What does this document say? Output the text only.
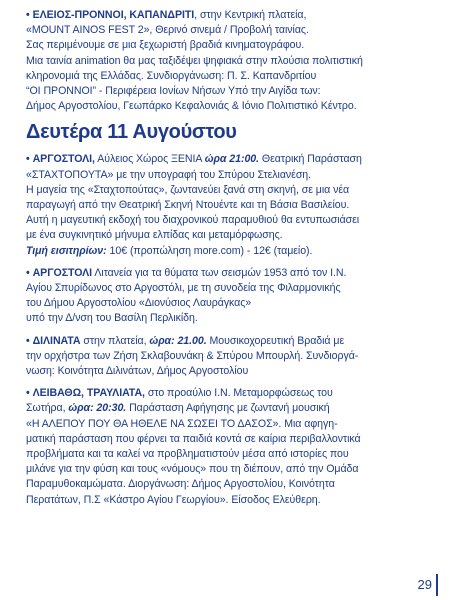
• ΕΛΕΙΟΣ-ΠΡΟΝΝΟΙ, ΚΑΠΑΝΔΡΙΤΙ, στην Κεντρική πλατεία,

«MOUNT AINOS FEST 2», Θερινό σινεμά / Προβολή ταινίας.

Σας περιμένουμε σε μια ξεχωριστή βραδιά κινηματογράφου.

Μια ταινία animation θα μας ταξιδέψει ψηφιακά στην πλούσια πολιτιστική

κληρονομιά της Ελλάδας. Συνδιοργάνωση: Π. Σ. Καπανδριτίου

“ΟΙ ΠΡΟΝΝΟΙ” - Περιφέρεια Ιονίων Νήσων Υπό την Αιγίδα των:

Δήμος Αργοστολίου, Γεωπάρκο Κεφαλονιάς & Ιόνιο Πολιτιστικό Κέντρο.

Δευτέρα 11 Αυγούστου

• ΑΡΓΟΣΤΟΛΙ, Αύλειος Χώρος ΞΕΝΙΑ ώρα 21:00. Θεατρική Παράσταση

«ΣΤΑΧΤΟΠΟΥΤΑ» με την υπογραφή του Σπύρου Στελιανέση.

Η μαγεία της «Σταχτοπούτας», ζωντανεύει ξανά στη σκηνή, σε μια νέα

παραγωγή από την Θεατρική Σκηνή Ντουέντε και τη Βάσια Βασιλείου.

Αυτή η μαγευτική εκδοχή του διαχρονικού παραμυθιού θα εντυπωσιάσει

με ένα συγκινητικό μήνυμα ελπίδας και μεταμόρφωσης.

Τιμή εισιτηρίων: 10€ (προπώληση more.com) - 12€ (ταμείο).

• ΑΡΓΟΣΤΟΛΙ Λιτανεία για τα θύματα των σεισμών 1953 από τον Ι.Ν.

Αγίου Σπυρίδωνος στο Αργοστόλι, με τη συνοδεία της Φιλαρμονικής

του Δήμου Αργοστολίου «Διονύσιος Λαυράγκας»

υπό την Δ/νση του Βασίλη Περλικίδη.

• ΔΙΛΙΝΑΤΑ στην πλατεία, ώρα: 21.00. Μουσικοχορευτική Βραδιά με

την ορχήστρα των Ζήση Σκλαβουνάκη & Σπύρου Μπουρλή. Συνδιοργά-

νωση: Κοινότητα Διλινάτων, Δήμος Αργοστολίου

• ΛΕΙΒΑΘΩ, ΤΡΑΥΛΙΑΤΑ, στο προαύλιο Ι.Ν. Μεταμορφώσεως του

Σωτήρα, ώρα: 20:30. Παράσταση Αφήγησης με ζωντανή μουσική

«Η ΑΛΕΠΟΥ ΠΟΥ ΘΑ ΗΘΕΛΕ ΝΑ ΣΩΣΕΙ ΤΟ ΔΑΣΟΣ». Μια αφηγη-

ματική παράσταση που φέρνει τα παιδιά κοντά σε καίρια περιβαλλοντικά

προβλήματα και τα καλεί να προβληματιστούν μέσα από ιστορίες που

μιλάνε για την φύση και τους «νόμους» που τη διέπουν, από την Ομάδα

Παραμυθοκαμώματα. Διοργάνωση: Δήμος Αργοστολίου, Κοινότητα

Περατάτων, Π.Σ «Κάστρο Αγίου Γεωργίου». Είσοδος Ελεύθερη.

29
